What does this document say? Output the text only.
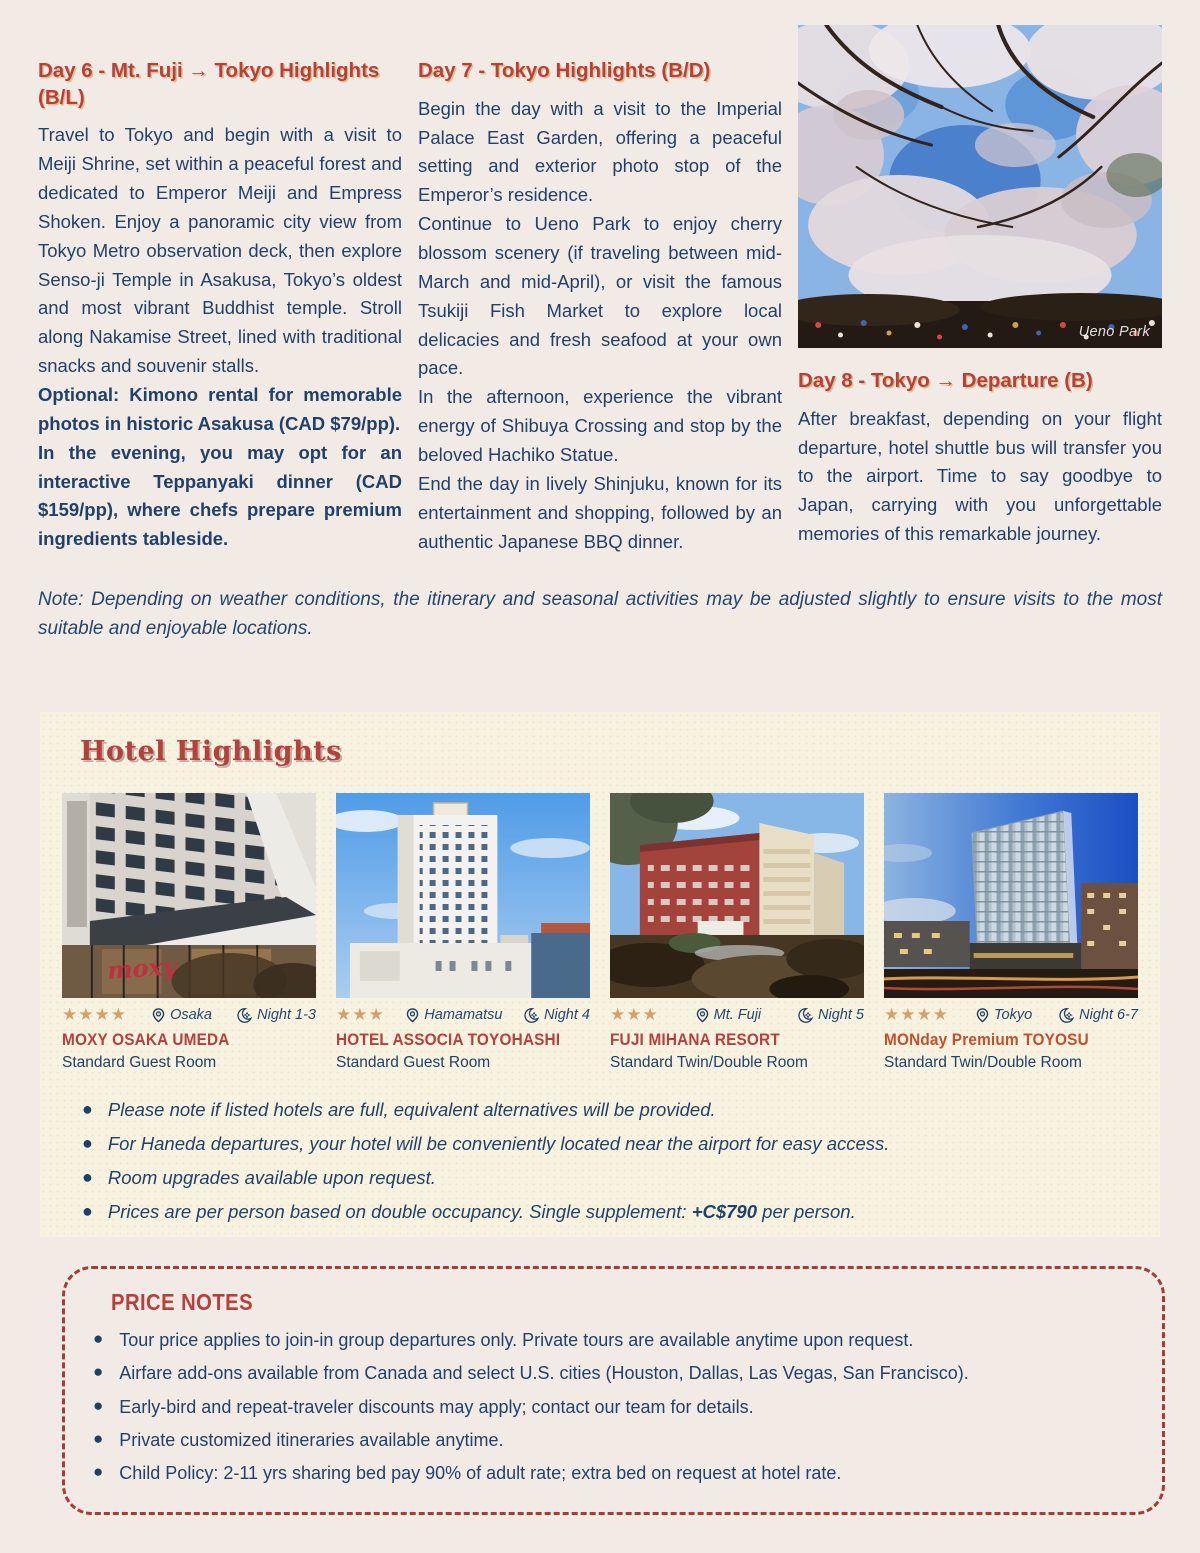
Day 6 - Mt. Fuji → Tokyo Highlights (B/L)

Travel to Tokyo and begin with a visit to Meiji Shrine, set within a peaceful forest and dedicated to Emperor Meiji and Empress Shoken. Enjoy a panoramic city view from Tokyo Metro observation deck, then explore Senso-ji Temple in Asakusa, Tokyo’s oldest and most vibrant Buddhist temple. Stroll along Nakamise Street, lined with traditional snacks and souvenir stalls.

Optional: Kimono rental for memorable photos in historic Asakusa (CAD $79/pp).

In the evening, you may opt for an interactive Teppanyaki dinner (CAD $159/pp), where chefs prepare premium ingredients tableside.

Day 7 - Tokyo Highlights (B/D)

Begin the day with a visit to the Imperial Palace East Garden, offering a peaceful setting and exterior photo stop of the Emperor’s residence.

Continue to Ueno Park to enjoy cherry blossom scenery (if traveling between mid-March and mid-April), or visit the famous Tsukiji Fish Market to explore local delicacies and fresh seafood at your own pace.

In the afternoon, experience the vibrant energy of Shibuya Crossing and stop by the beloved Hachiko Statue.

End the day in lively Shinjuku, known for its entertainment and shopping, followed by an authentic Japanese BBQ dinner.

Ueno Park
Day 8 - Tokyo → Departure (B)

After breakfast, depending on your flight departure, hotel shuttle bus will transfer you to the airport. Time to say goodbye to Japan, carrying with you unforgettable memories of this remarkable journey.

Note: Depending on weather conditions, the itinerary and seasonal activities may be adjusted slightly to ensure visits to the most suitable and enjoyable locations.

Hotel Highlights
moxy
★★★★	Osaka	Night 1-3
MOXY OSAKA UMEDA
Standard Guest Room
★★★	Hamamatsu	Night 4
HOTEL ASSOCIA TOYOHASHI
Standard Guest Room
★★★	Mt. Fuji	Night 5
FUJI MIHANA RESORT
Standard Twin/Double Room
★★★★	Tokyo	Night 6-7
MONday Premium TOYOSU
Standard Twin/Double Room
● Please note if listed hotels are full, equivalent alternatives will be provided.
● For Haneda departures, your hotel will be conveniently located near the airport for easy access.
● Room upgrades available upon request.
● Prices are per person based on double occupancy. Single supplement: +C$790 per person.
PRICE NOTES
● Tour price applies to join-in group departures only. Private tours are available anytime upon request.
● Airfare add-ons available from Canada and select U.S. cities (Houston, Dallas, Las Vegas, San Francisco).
● Early-bird and repeat-traveler discounts may apply; contact our team for details.
● Private customized itineraries available anytime.
● Child Policy: 2-11 yrs sharing bed pay 90% of adult rate; extra bed on request at hotel rate.
